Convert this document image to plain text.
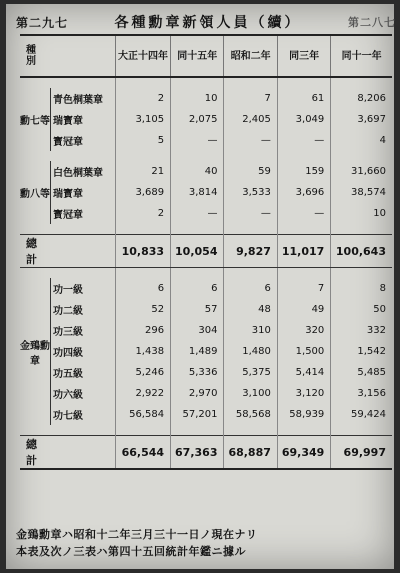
第二九七	各種勳章新領人員（續）	第二八七
種別		大正十四年	同十五年	昭和二年	同三年	同十一年

勳七等	青色桐葉章	2	10	7	61	8,206
	瑞寳章	3,105	2,075	2,405	3,049	3,697
	寳冠章	5	—	—	—	4

勳八等	白色桐葉章	21	40	59	159	31,660
	瑞寳章	3,689	3,814	3,533	3,696	38,574
	寳冠章	2	—	—	—	10

總計		10,833	10,054	9,827	11,017	100,643

金鵄勳章	功一級	6	6	6	7	8
	功二級	52	57	48	49	50
	功三級	296	304	310	320	332
	功四級	1,438	1,489	1,480	1,500	1,542
	功五級	5,246	5,336	5,375	5,414	5,485
	功六級	2,922	2,970	3,100	3,120	3,156
	功七級	56,584	57,201	58,568	58,939	59,424

總計		66,544	67,363	68,887	69,349	69,997
金鵄勳章ハ昭和十二年三月三十一日ノ現在ナリ
本表及次ノ三表ハ第四十五回統計年鑑ニ據ル
